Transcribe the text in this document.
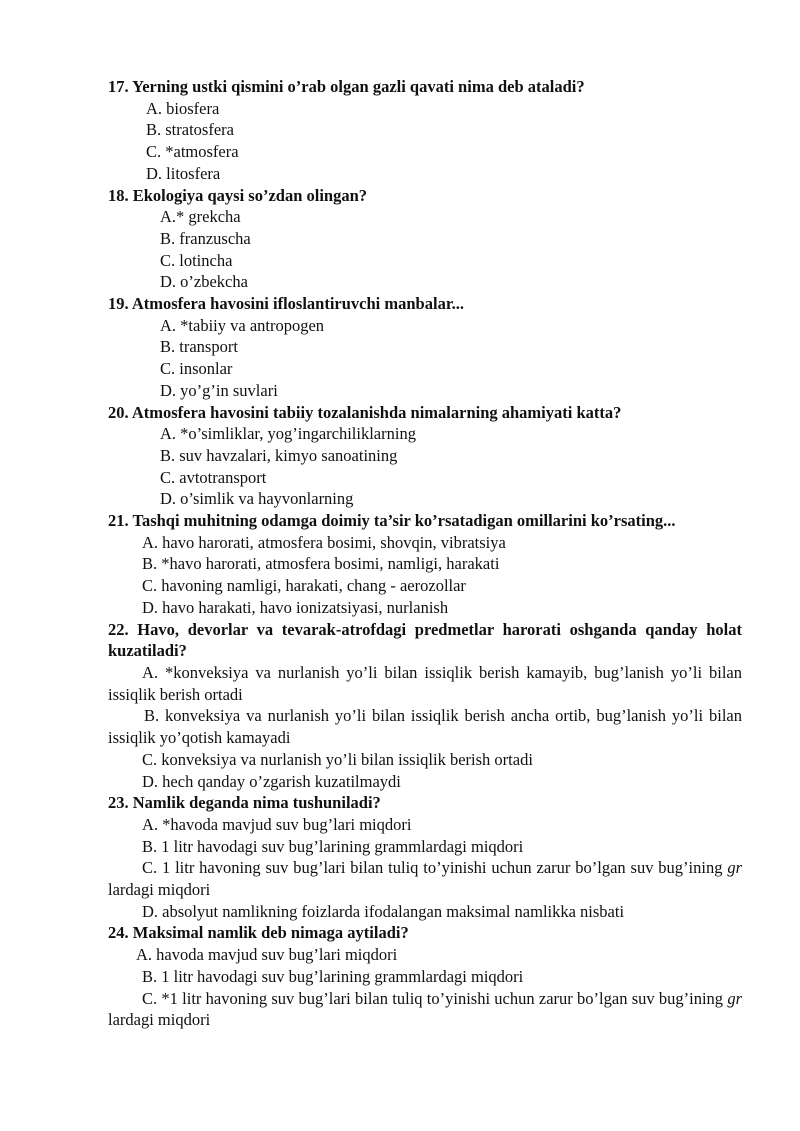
17. Yerning ustki qismini o’rab olgan gazli qavati nima deb ataladi?
A. biosfera
B. stratosfera
C. *atmosfera
D. litosfera
18. Ekologiya qaysi so’zdan olingan?
A.* grekcha
B. franzuscha
C. lotincha
D. o’zbekcha
19. Atmosfera havosini ifloslantiruvchi manbalar...
A. *tabiiy va antropogen
B. transport
C. insonlar
D. yo’g’in suvlari
20. Atmosfera havosini tabiiy tozalanishda nimalarning ahamiyati katta?
A. *o’simliklar, yog’ingarchiliklarning
B. suv havzalari, kimyo sanoatining
C. avtotransport
D. o’simlik va hayvonlarning
21. Tashqi muhitning odamga doimiy ta’sir ko’rsatadigan omillarini ko’rsating...
A. havo harorati, atmosfera bosimi, shovqin, vibratsiya
B. *havo harorati, atmosfera bosimi, namligi, harakati
C. havoning namligi, harakati, chang - aerozollar
D. havo harakati, havo ionizatsiyasi, nurlanish
22. Havo, devorlar va tevarak-atrofdagi predmetlar harorati oshganda qanday holat kuzatiladi?
A. *konveksiya va nurlanish yo’li bilan issiqlik berish kamayib, bug’lanish yo’li bilan issiqlik berish ortadi
B. konveksiya va nurlanish yo’li bilan issiqlik berish ancha ortib, bug’lanish yo’li bilan issiqlik yo’qotish kamayadi
C. konveksiya va nurlanish yo’li bilan issiqlik berish ortadi
D. hech qanday o’zgarish kuzatilmaydi
23. Namlik deganda nima tushuniladi?
A. *havoda mavjud suv bug’lari miqdori
B. 1 litr havodagi suv bug’larining grammlardagi miqdori
C. 1 litr havoning suv bug’lari bilan tuliq to’yinishi uchun zarur bo’lgan suv bug’ining gr lardagi miqdori
D. absolyut namlikning foizlarda ifodalangan maksimal namlikka nisbati
24. Maksimal namlik deb nimaga aytiladi?
A. havoda mavjud suv bug’lari miqdori
B. 1 litr havodagi suv bug’larining grammlardagi miqdori
C. *1 litr havoning suv bug’lari bilan tuliq to’yinishi uchun zarur bo’lgan suv bug’ining gr lardagi miqdori
